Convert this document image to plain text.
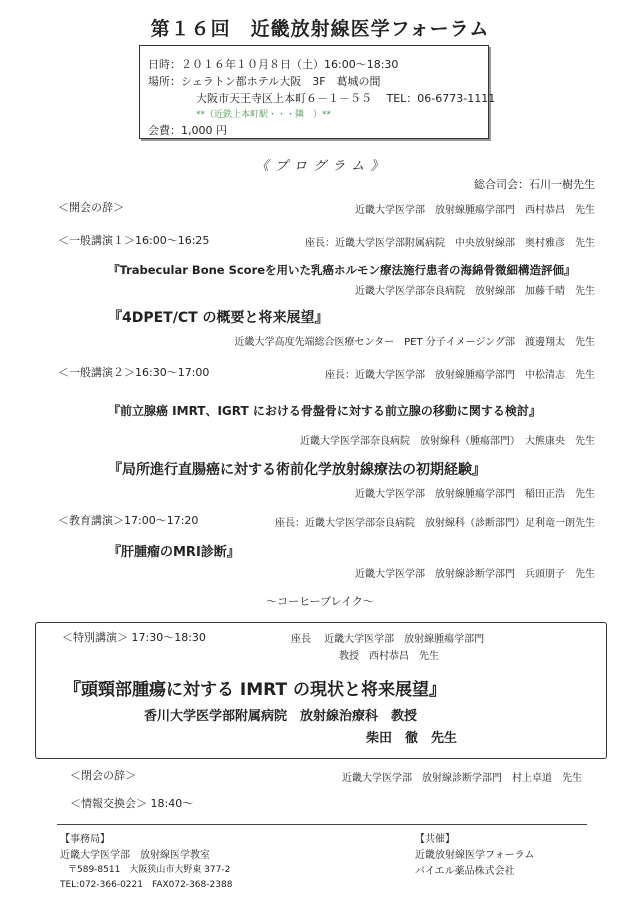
第１６回　近畿放射線医学フォーラム
日時：２０１６年１０月８日（土）16:00～18:30
場所：シェラトン都ホテル大阪　3F　葛城の間
大阪市天王寺区上本町６－１－５５　 TEL：06-6773-1111
**（近鉄上本町駅・・・隣　）**
会費：1,000 円
《 プ ロ グ ラ ム 》
総合司会：石川一樹先生
＜開会の辞＞	近畿大学医学部　放射線腫瘍学部門　西村恭昌　先生
＜一般講演１＞16:00～16:25	座長：近畿大学医学部附属病院　中央放射線部　奥村雅彦　先生
『Trabecular Bone Scoreを用いた乳癌ホルモン療法施行患者の海綿骨微細構造評価』
近畿大学医学部奈良病院　放射線部　加藤千晴　先生
『4DPET/CT の概要と将来展望』
近畿大学高度先端総合医療センター　PET 分子イメージング部　渡邊翔太　先生
＜一般講演２＞16:30～17:00	座長：近畿大学医学部　放射線腫瘍学部門　中松清志　先生
『前立腺癌 IMRT、IGRT における骨盤骨に対する前立腺の移動に関する検討』
近畿大学医学部奈良病院　放射線科（腫瘍部門）　大熊康央　先生
『局所進行直腸癌に対する術前化学放射線療法の初期経験』
近畿大学医学部　放射線腫瘍学部門　稲田正浩　先生
＜教育講演＞17:00～17:20	座長：近畿大学医学部奈良病院　放射線科（診断部門）足利竜一朗先生
『肝腫瘤のMRI診断』
近畿大学医学部　放射線診断学部門　兵頭朋子　先生
～コーヒーブレイク～
＜特別講演＞ 17:30～18:30	座長　 近畿大学医学部　放射線腫瘍学部門
教授　西村恭昌　先生
『頭頸部腫瘍に対する IMRT の現状と将来展望』
香川大学医学部附属病院　放射線治療科　教授
柴田　徹　先生
＜閉会の辞＞	近畿大学医学部　放射線診断学部門　村上卓道　先生
＜情報交換会＞ 18:40～
【事務局】
近畿大学医学部　放射線医学教室
〒589-8511　大阪狭山市大野東 377-2
TEL:072-366-0221　FAX072-368-2388
【共催】
近畿放射線医学フォーラム
バイエル薬品株式会社
